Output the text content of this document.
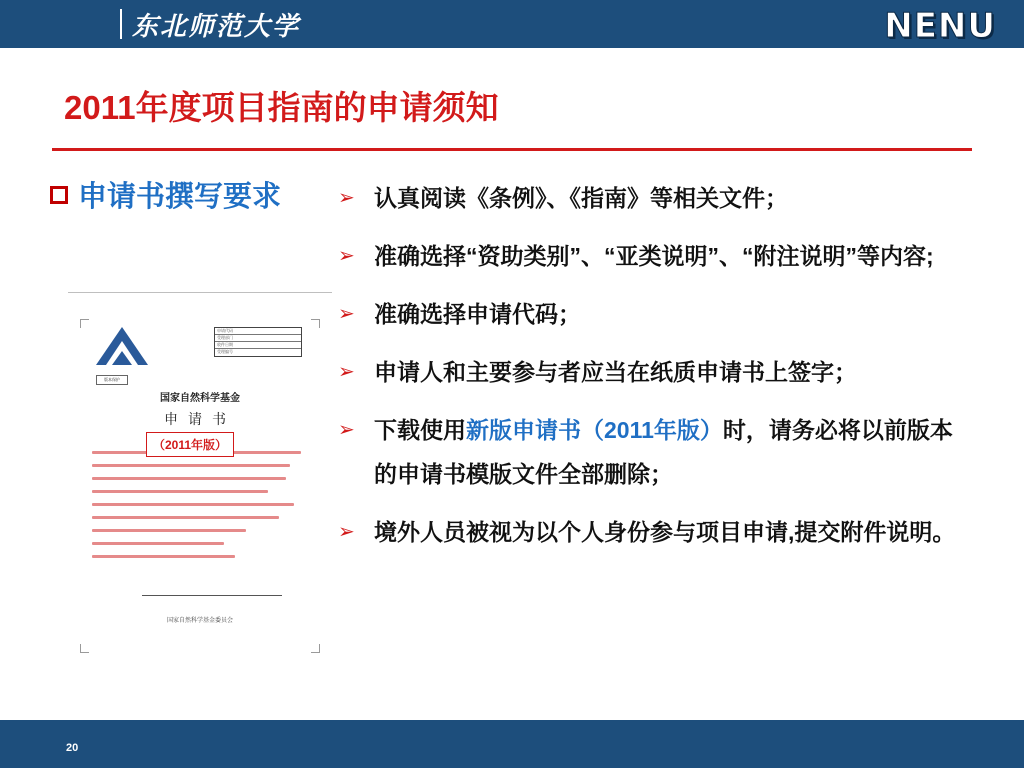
东北师范大学	NENU
2011年度项目指南的申请须知
申请书撰写要求
申请代码
受理部门
收件日期
受理编号
版本保护
国家自然科学基金
申请书
国家自然科学基金委员会
（2011年版）
➢ 认真阅读《条例》、《指南》等相关文件；
➢ 准确选择“资助类别”、“亚类说明”、“附注说明”等内容;
➢ 准确选择申请代码；
➢ 申请人和主要参与者应当在纸质申请书上签字；
➢ 下载使用新版申请书（2011年版）时，请务必将以前版本的申请书模版文件全部删除；
➢ 境外人员被视为以个人身份参与项目申请,提交附件说明。
20
